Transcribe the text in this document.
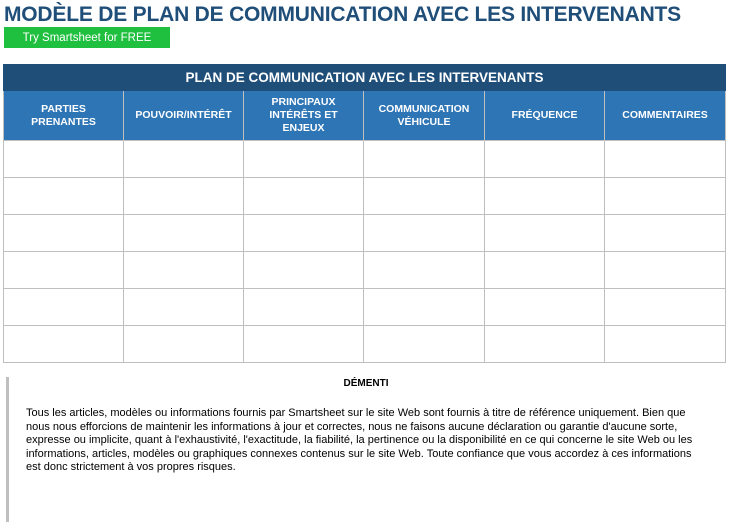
MODÈLE DE PLAN DE COMMUNICATION AVEC LES INTERVENANTS
Try Smartsheet for FREE
PLAN DE COMMUNICATION AVEC LES INTERVENANTS					
PARTIES PRENANTES	POUVOIR/INTÉRÊT	PRINCIPAUX INTÉRÊTS ET ENJEUX	COMMUNICATION VÉHICULE	FRÉQUENCE	COMMENTAIRES

DÉMENTI
Tous les articles, modèles ou informations fournis par Smartsheet sur le site Web sont fournis à titre de référence uniquement. Bien que nous nous efforcions de maintenir les informations à jour et correctes, nous ne faisons aucune déclaration ou garantie d'aucune sorte, expresse ou implicite, quant à l'exhaustivité, l'exactitude, la fiabilité, la pertinence ou la disponibilité en ce qui concerne le site Web ou les informations, articles, modèles ou graphiques connexes contenus sur le site Web. Toute confiance que vous accordez à ces informations est donc strictement à vos propres risques.
